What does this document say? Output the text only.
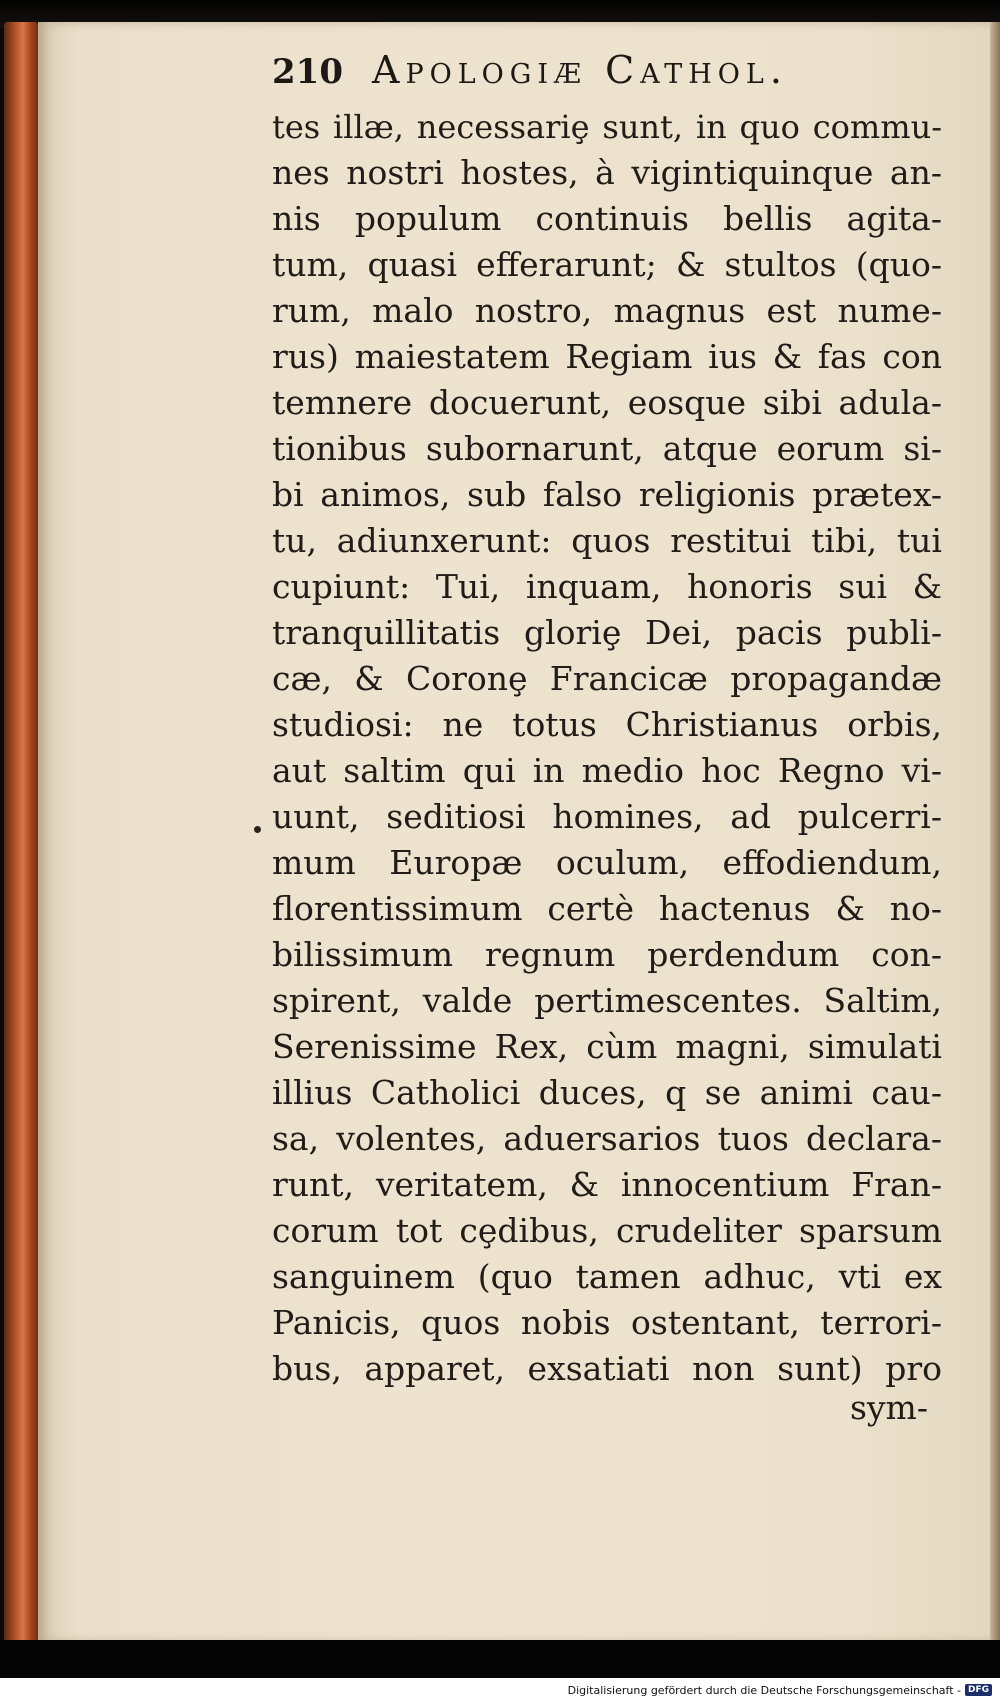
210 Apologiæ Cathol.
tes illæ, necessariȩ sunt, in quo commu-
nes nostri hostes, à vigintiquinque an-
nis populum continuis bellis agita-
tum, quasi efferarunt; & stultos (quo-
rum, malo nostro, magnus est nume-
rus) maiestatem Regiam ius & fas con
temnere docuerunt, eosque sibi adula-
tionibus subornarunt, atque eorum si-
bi animos, sub falso religionis prætex-
tu, adiunxerunt: quos restitui tibi, tui
cupiunt: Tui, inquam, honoris sui &
tranquillitatis gloriȩ Dei, pacis publi-
cæ, & Coronȩ Francicæ propagandæ
studiosi: ne totus Christianus orbis,
aut saltim qui in medio hoc Regno vi-
uunt, seditiosi homines, ad pulcerri-
mum Europæ oculum, effodiendum,
florentissimum certè hactenus & no-
bilissimum regnum perdendum con-
spirent, valde pertimescentes. Saltim,
Serenissime Rex, cùm magni, simulati
illius Catholici duces, q se animi cau-
sa, volentes, aduersarios tuos declara-
runt, veritatem, & innocentium Fran-
corum tot cȩdibus, crudeliter sparsum
sanguinem (quo tamen adhuc, vti ex
Panicis, quos nobis ostentant, terrori-
bus, apparet, exsatiati non sunt) pro
sym-
Digitalisierung gefördert durch die Deutsche Forschungsgemeinschaft - DFG
